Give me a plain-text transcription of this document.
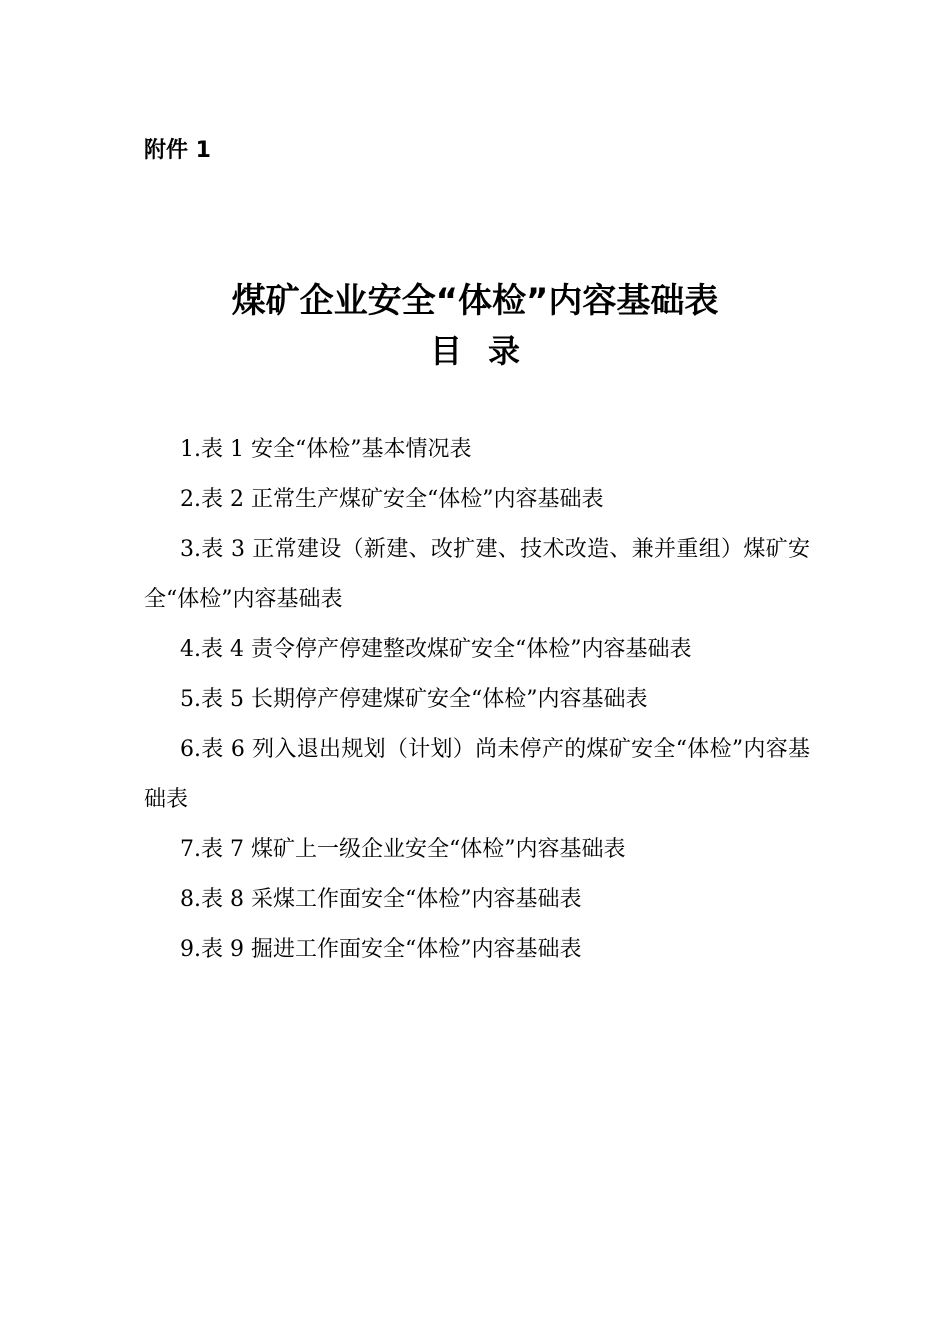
附件 1

煤矿企业安全“体检”内容基础表
目录
1.表 1 安全“体检”基本情况表
2.表 2 正常生产煤矿安全“体检”内容基础表
3.表 3 正常建设（新建、改扩建、技术改造、兼并重组）煤矿安全“体检”内容基础表
4.表 4 责令停产停建整改煤矿安全“体检”内容基础表
5.表 5 长期停产停建煤矿安全“体检”内容基础表
6.表 6 列入退出规划（计划）尚未停产的煤矿安全“体检”内容基础表
7.表 7 煤矿上一级企业安全“体检”内容基础表
8.表 8 采煤工作面安全“体检”内容基础表
9.表 9 掘进工作面安全“体检”内容基础表
